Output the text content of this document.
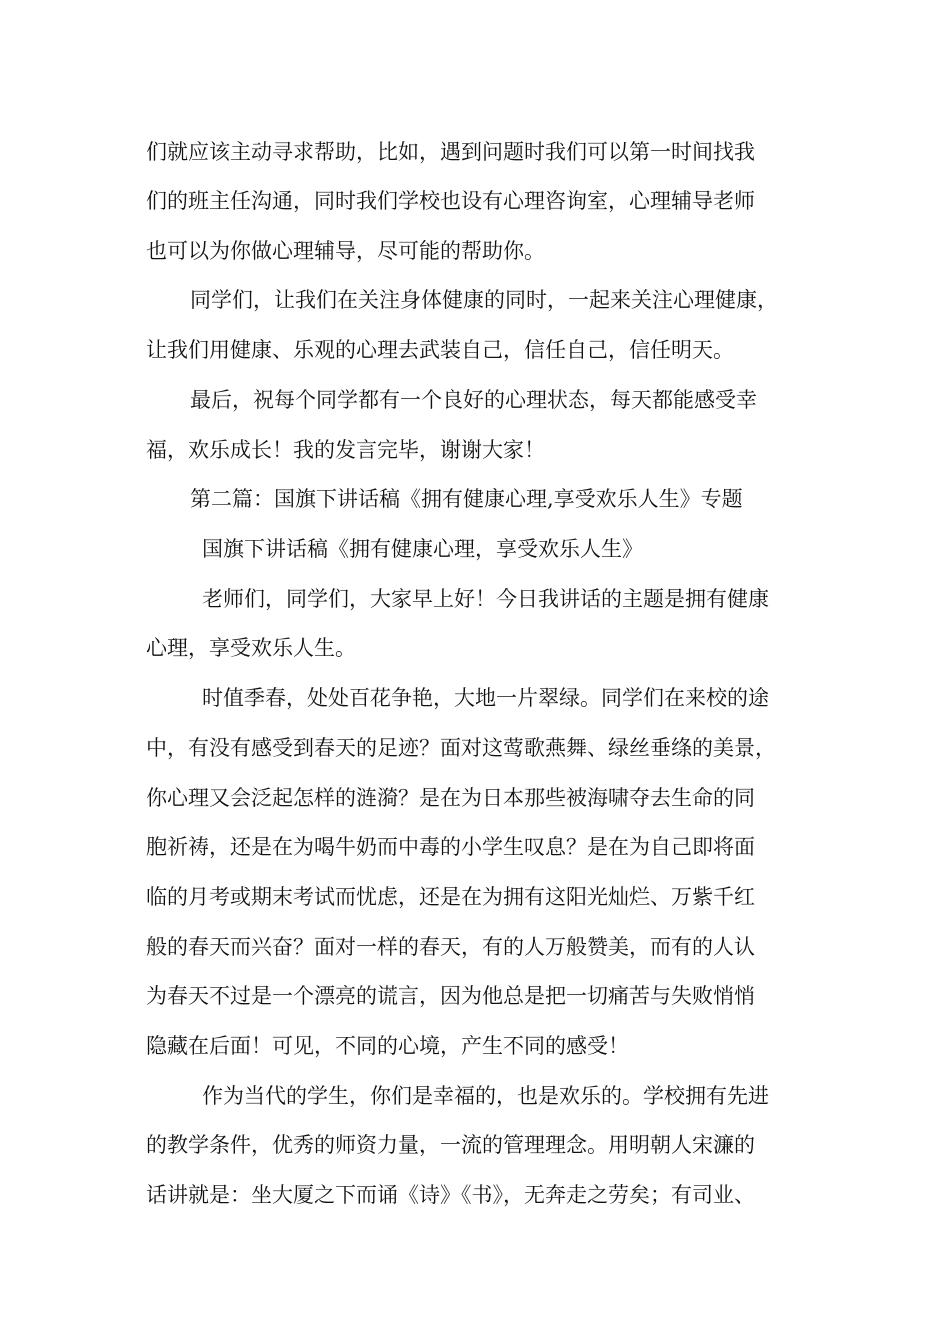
们就应该主动寻求帮助，比如，遇到问题时我们可以第一时间找我

们的班主任沟通，同时我们学校也设有心理咨询室，心理辅导老师

也可以为你做心理辅导，尽可能的帮助你。

同学们，让我们在关注身体健康的同时，一起来关注心理健康，

让我们用健康、乐观的心理去武装自己，信任自己，信任明天。

最后，祝每个同学都有一个良好的心理状态，每天都能感受幸

福，欢乐成长！我的发言完毕，谢谢大家！

第二篇：国旗下讲话稿《拥有健康心理,享受欢乐人生》专题

国旗下讲话稿《拥有健康心理，享受欢乐人生》

老师们，同学们，大家早上好！今日我讲话的主题是拥有健康

心理，享受欢乐人生。

时值季春，处处百花争艳，大地一片翠绿。同学们在来校的途

中，有没有感受到春天的足迹？面对这莺歌燕舞、绿丝垂绦的美景，

你心理又会泛起怎样的涟漪？是在为日本那些被海啸夺去生命的同

胞祈祷，还是在为喝牛奶而中毒的小学生叹息？是在为自己即将面

临的月考或期末考试而忧虑，还是在为拥有这阳光灿烂、万紫千红

般的春天而兴奋？面对一样的春天，有的人万般赞美，而有的人认

为春天不过是一个漂亮的谎言，因为他总是把一切痛苦与失败悄悄

隐藏在后面！可见，不同的心境，产生不同的感受！

作为当代的学生，你们是幸福的，也是欢乐的。学校拥有先进

的教学条件，优秀的师资力量，一流的管理理念。用明朝人宋濂的

话讲就是：坐大厦之下而诵《诗》《书》，无奔走之劳矣；有司业、
